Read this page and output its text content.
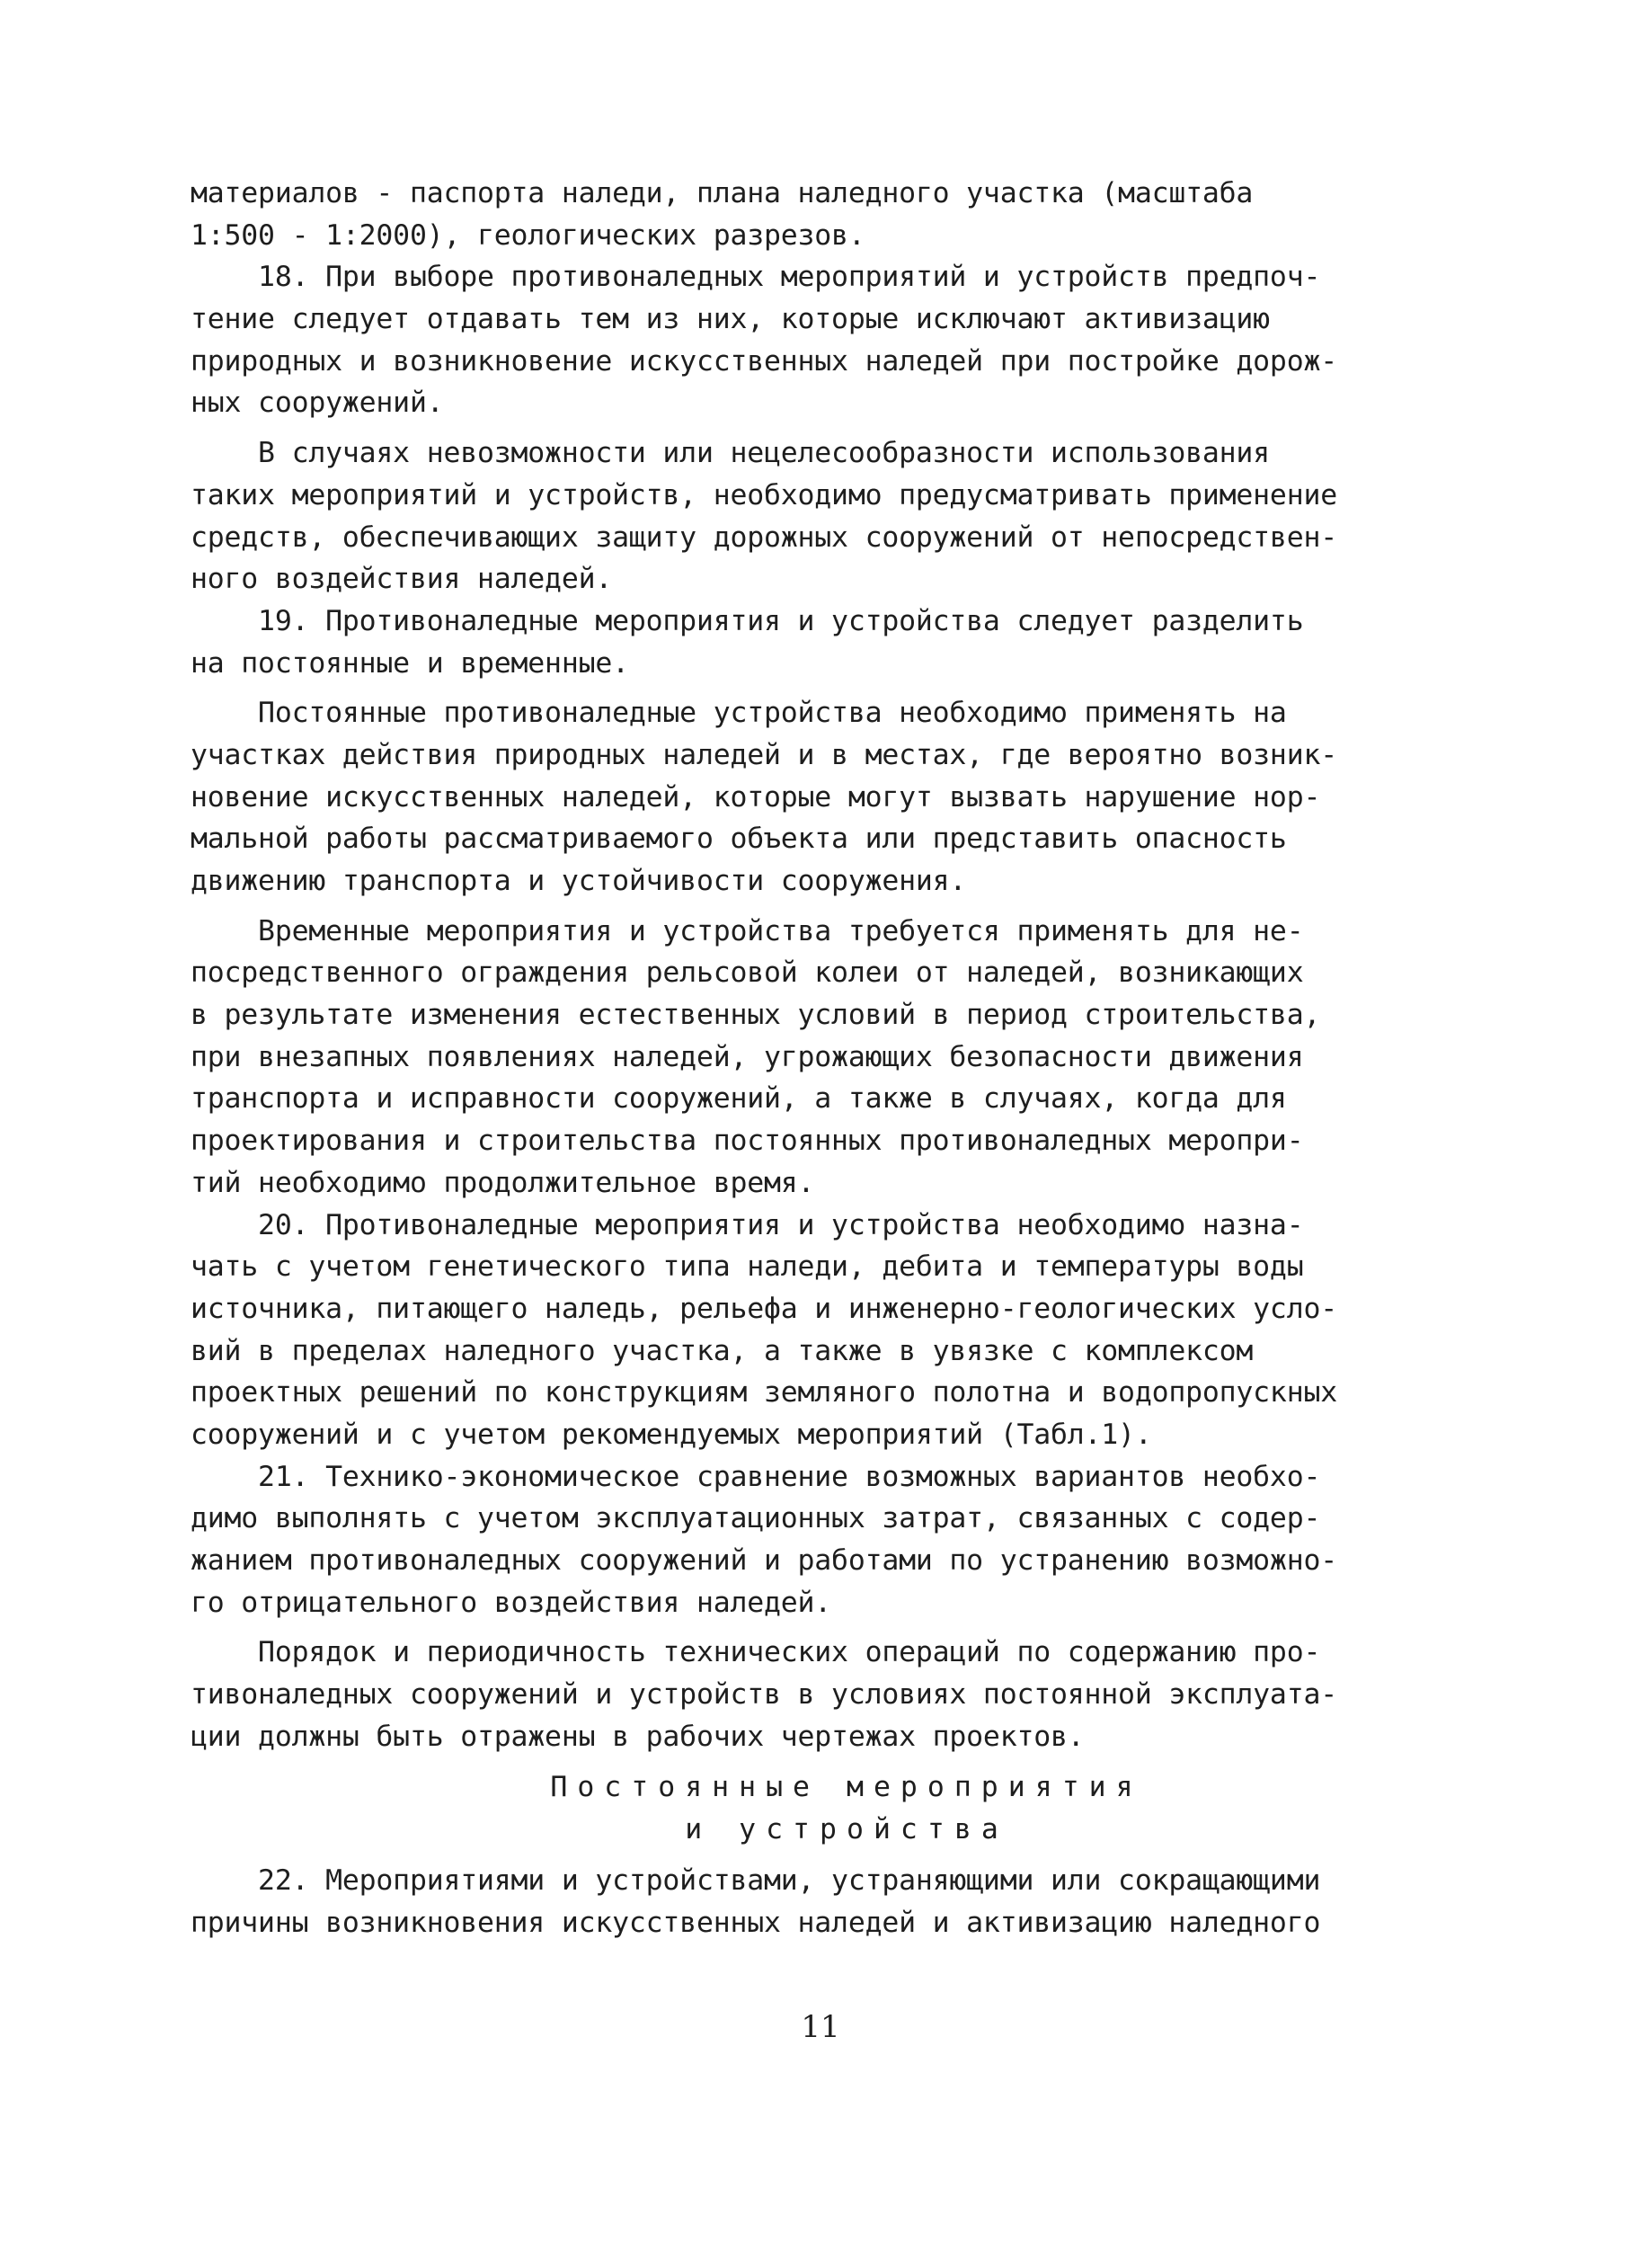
материалов - паспорта наледи, плана наледного участка (масштаба
1:500 - 1:2000), геологических разрезов.
18. При выборе противоналедных мероприятий и устройств предпоч-
тение следует отдавать тем из них, которые исключают активизацию
природных и возникновение искусственных наледей при постройке дорож-
ных сооружений.
В случаях невозможности или нецелесообразности использования
таких мероприятий и устройств, необходимо предусматривать применение
средств, обеспечивающих защиту дорожных сооружений от непосредствен-
ного воздействия наледей.
19. Противоналедные мероприятия и устройства следует разделить
на постоянные и временные.
Постоянные противоналедные устройства необходимо применять на
участках действия природных наледей и в местах, где вероятно возник-
новение искусственных наледей, которые могут вызвать нарушение нор-
мальной работы рассматриваемого объекта или представить опасность
движению транспорта и устойчивости сооружения.
Временные мероприятия и устройства требуется применять для не-
посредственного ограждения рельсовой колеи от наледей, возникающих
в результате изменения естественных условий в период строительства,
при внезапных появлениях наледей, угрожающих безопасности движения
транспорта и исправности сооружений, а также в случаях, когда для
проектирования и строительства постоянных противоналедных меропри-
тий необходимо продолжительное время.
20. Противоналедные мероприятия и устройства необходимо назна-
чать с учетом генетического типа наледи, дебита и температуры воды
источника, питающего наледь, рельефа и инженерно-геологических усло-
вий в пределах наледного участка, а также в увязке с комплексом
проектных решений по конструкциям земляного полотна и водопропускных
сооружений и с учетом рекомендуемых мероприятий (Табл.1).
21. Технико-экономическое сравнение возможных вариантов необхо-
димо выполнять с учетом эксплуатационных затрат, связанных с содер-
жанием противоналедных сооружений и работами по устранению возможно-
го отрицательного воздействия наледей.
Порядок и периодичность технических операций по содержанию про-
тивоналедных сооружений и устройств в условиях постоянной эксплуата-
ции должны быть отражены в рабочих чертежах проектов.
Постоянные мероприятия
и устройства
22. Мероприятиями и устройствами, устраняющими или сокращающими
причины возникновения искусственных наледей и активизацию наледного
11
